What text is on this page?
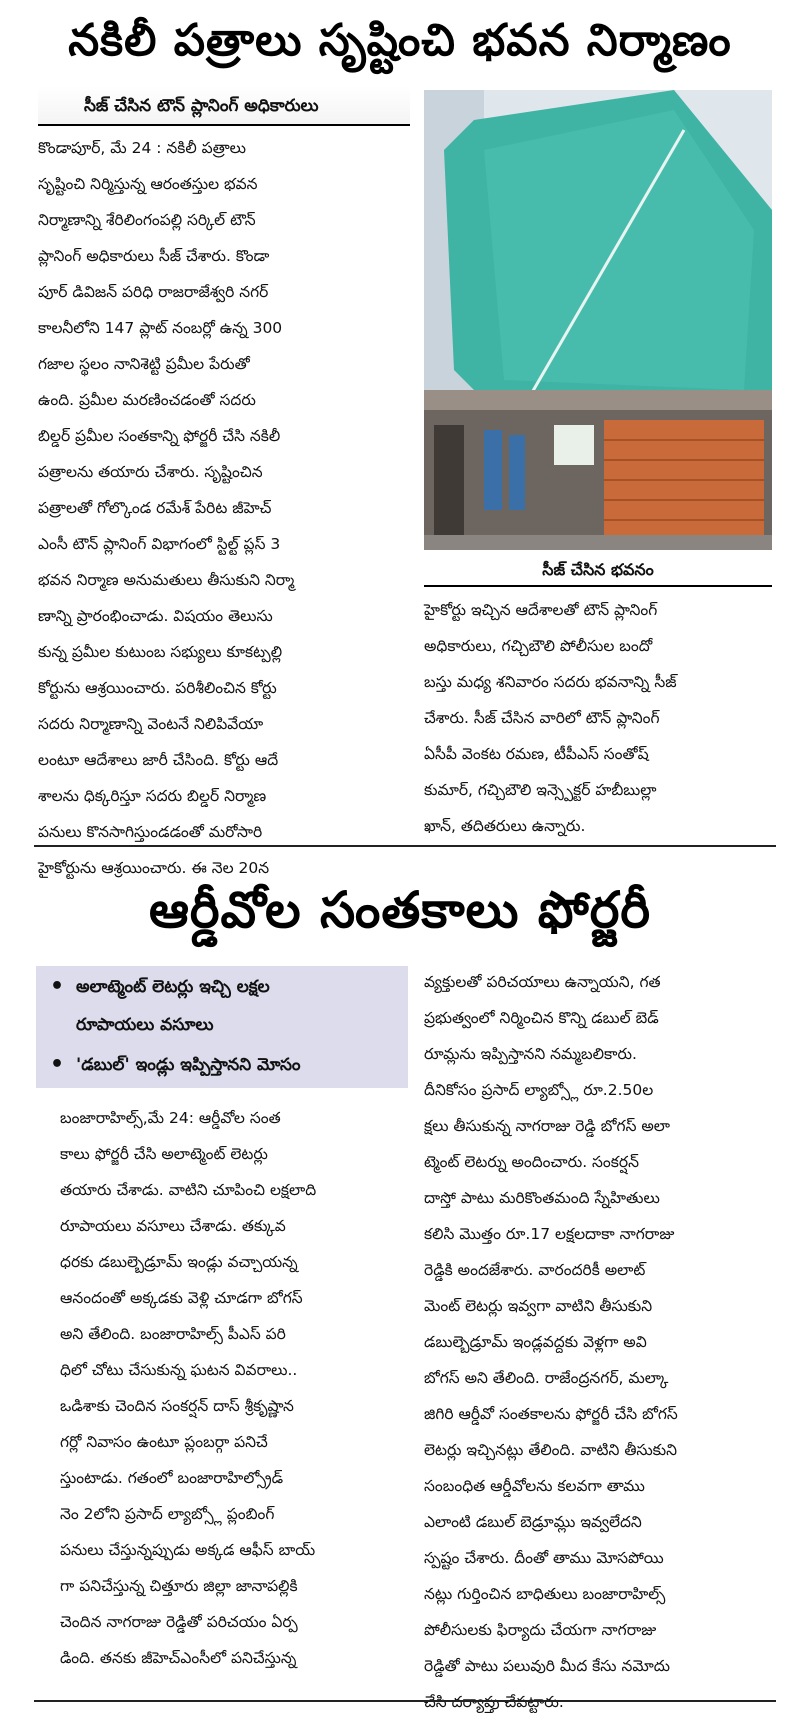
నకిలీ పత్రాలు సృష్టించి భవన నిర్మాణం
సీజ్ చేసిన టౌన్ ప్లానింగ్ అధికారులు
కొండాపూర్, మే 24 : నకిలీ పత్రాలు
సృష్టించి నిర్మిస్తున్న ఆరంతస్తుల భవన
నిర్మాణాన్ని శేరిలింగంపల్లి సర్కిల్ టౌన్
ప్లానింగ్ అధికారులు సీజ్ చేశారు. కొండా
పూర్ డివిజన్ పరిధి రాజరాజేశ్వరి నగర్
కాలనీలోని 147 ప్లాట్ నంబర్లో ఉన్న 300
గజాల స్థలం నానిశెట్టి ప్రమీల పేరుతో
ఉంది. ప్రమీల మరణించడంతో సదరు
బిల్డర్ ప్రమీల సంతకాన్ని ఫోర్జరీ చేసి నకిలీ
పత్రాలను తయారు చేశారు. సృష్టించిన
పత్రాలతో గోల్కొండ రమేశ్ పేరిట జీహెచ్
ఎంసీ టౌన్ ప్లానింగ్ విభాగంలో స్టిల్ట్ ప్లస్ 3
భవన నిర్మాణ అనుమతులు తీసుకుని నిర్మా
ణాన్ని ప్రారంభించాడు. విషయం తెలుసు
కున్న ప్రమీల కుటుంబ సభ్యులు కూకట్పల్లి
కోర్టును ఆశ్రయించారు. పరిశీలించిన కోర్టు
సదరు నిర్మాణాన్ని వెంటనే నిలిపివేయా
లంటూ ఆదేశాలు జారీ చేసింది. కోర్టు ఆదే
శాలను ధిక్కరిస్తూ సదరు బిల్డర్ నిర్మాణ
పనులు కొనసాగిస్తుండడంతో మరోసారి
హైకోర్టును ఆశ్రయించారు. ఈ నెల 20న
సీజ్ చేసిన భవనం
హైకోర్టు ఇచ్చిన ఆదేశాలతో టౌన్ ప్లానింగ్
అధికారులు, గచ్చిబౌలి పోలీసుల బందో
బస్తు మధ్య శనివారం సదరు భవనాన్ని సీజ్
చేశారు. సీజ్ చేసిన వారిలో టౌన్ ప్లానింగ్
ఏసీపీ వెంకట రమణ, టీపీఎస్ సంతోష్
కుమార్, గచ్చిబౌలి ఇన్స్పెక్టర్ హబీబుల్లా
ఖాన్, తదితరులు ఉన్నారు.
ఆర్డీవోల సంతకాలు ఫోర్జరీ
• అలాట్మెంట్ లెటర్లు ఇచ్చి లక్షల
రూపాయలు వసూలు
• 'డబుల్' ఇండ్లు ఇప్పిస్తానని మోసం
బంజారాహిల్స్,మే 24: ఆర్డీవోల సంత
కాలు ఫోర్జరీ చేసి అలాట్మెంట్ లెటర్లు
తయారు చేశాడు. వాటిని చూపించి లక్షలాది
రూపాయలు వసూలు చేశాడు. తక్కువ
ధరకు డబుల్బెడ్రూమ్ ఇండ్లు వచ్చాయన్న
ఆనందంతో అక్కడకు వెళ్లి చూడగా బోగస్
అని తేలింది. బంజారాహిల్స్ పీఎస్ పరి
ధిలో చోటు చేసుకున్న ఘటన వివరాలు..
ఒడిశాకు చెందిన సంకర్షన్ దాస్ శ్రీకృష్ణాన
గర్లో నివాసం ఉంటూ ప్లంబర్గా పనిచే
స్తుంటాడు. గతంలో బంజారాహిల్స్రోడ్
నెం 2లోని ప్రసాద్ ల్యాబ్స్లో ప్లంబింగ్
పనులు చేస్తున్నప్పుడు అక్కడ ఆఫీస్ బాయ్
గా పనిచేస్తున్న చిత్తూరు జిల్లా జానాపల్లికి
చెందిన నాగరాజు రెడ్డితో పరిచయం ఏర్ప
డింది. తనకు జీహెచ్ఎంసీలో పనిచేస్తున్న
వ్యక్తులతో పరిచయాలు ఉన్నాయని, గత
ప్రభుత్వంలో నిర్మించిన కొన్ని డబుల్ బెడ్
రూమ్లను ఇప్పిస్తానని నమ్మబలికారు.
దీనికోసం ప్రసాద్ ల్యాబ్స్లో రూ.2.50ల
క్షలు తీసుకున్న నాగరాజు రెడ్డి బోగస్ అలా
ట్మెంట్ లెటర్ను అందించారు. సంకర్షన్
దాస్తో పాటు మరికొంతమంది స్నేహితులు
కలిసి మొత్తం రూ.17 లక్షలదాకా నాగరాజు
రెడ్డికి అందజేశారు. వారందరికీ అలాట్
మెంట్ లెటర్లు ఇవ్వగా వాటిని తీసుకుని
డబుల్బెడ్రూమ్ ఇండ్లవద్దకు వెళ్లగా అవి
బోగస్ అని తేలింది. రాజేంద్రనగర్, మల్కా
జిగిరి ఆర్డీవో సంతకాలను ఫోర్జరీ చేసి బోగస్
లెటర్లు ఇచ్చినట్లు తేలింది. వాటిని తీసుకుని
సంబంధిత ఆర్డీవోలను కలవగా తాము
ఎలాంటి డబుల్ బెడ్రూమ్లు ఇవ్వలేదని
స్పష్టం చేశారు. దీంతో తాము మోసపోయి
నట్లు గుర్తించిన బాధితులు బంజారాహిల్స్
పోలీసులకు ఫిర్యాదు చేయగా నాగరాజు
రెడ్డితో పాటు పలువురి మీద కేసు నమోదు
చేసి దర్యాప్తు చేపట్టారు.
